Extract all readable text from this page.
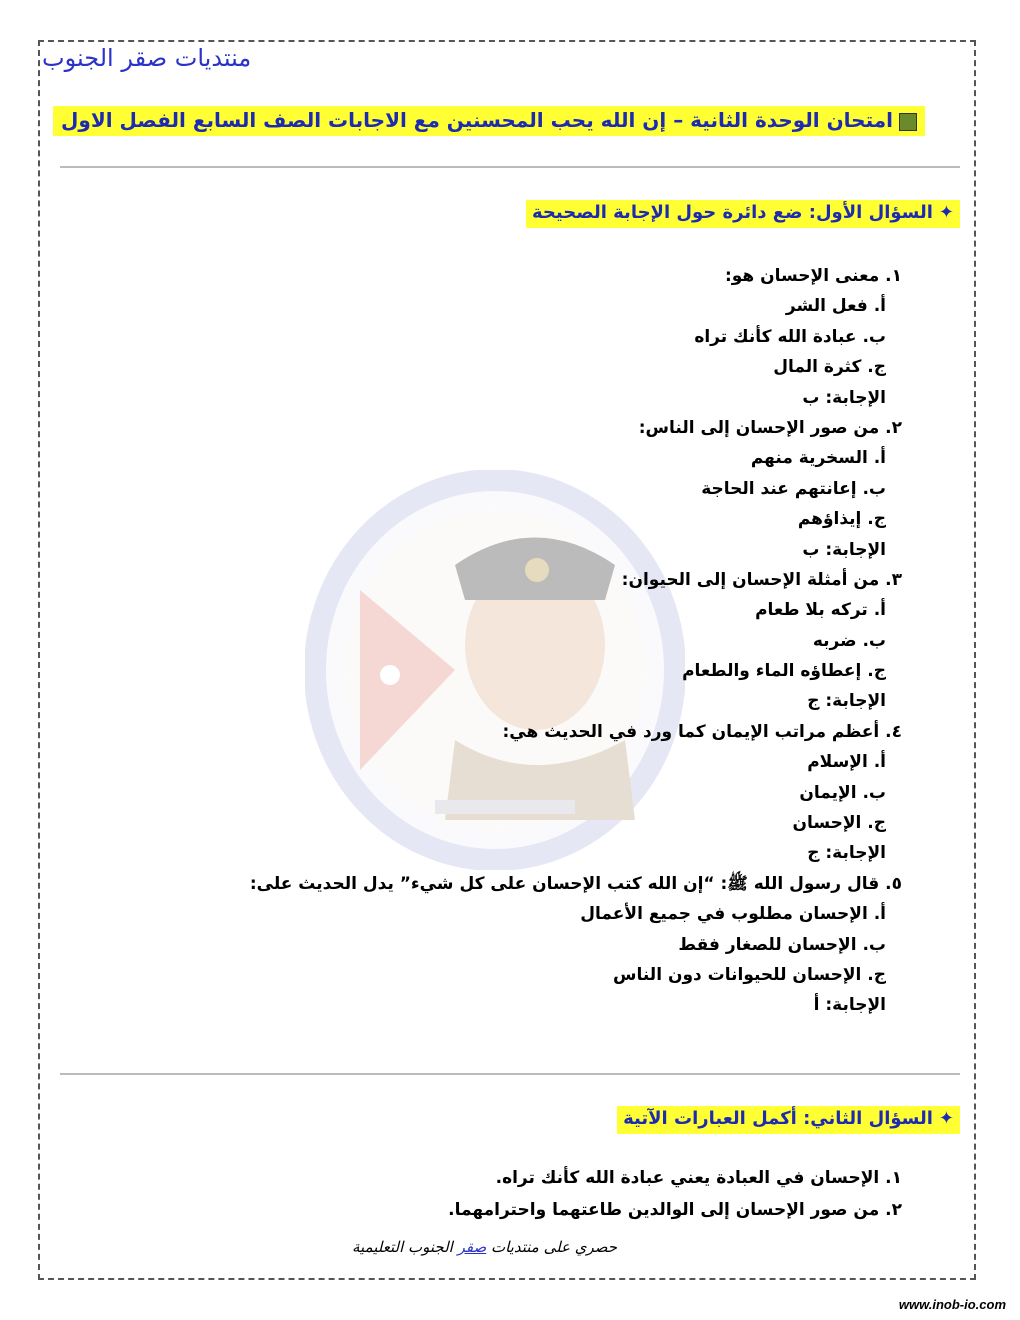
منتديات صقر الجنوب
امتحان الوحدة الثانية – إن الله يحب المحسنين مع الاجابات الصف السابع الفصل الاول
✦السؤال الأول: ضع دائرة حول الإجابة الصحيحة
١. معنى الإحسان هو:
أ. فعل الشر
ب. عبادة الله كأنك تراه
ج. كثرة المال
الإجابة: ب
٢. من صور الإحسان إلى الناس:
أ. السخرية منهم
ب. إعانتهم عند الحاجة
ج. إيذاؤهم
الإجابة: ب
٣. من أمثلة الإحسان إلى الحيوان:
أ. تركه بلا طعام
ب. ضربه
ج. إعطاؤه الماء والطعام
الإجابة: ج
٤. أعظم مراتب الإيمان كما ورد في الحديث هي:
أ. الإسلام
ب. الإيمان
ج. الإحسان
الإجابة: ج
٥. قال رسول الله ﷺ: “إن الله كتب الإحسان على كل شيء” يدل الحديث على:
أ. الإحسان مطلوب في جميع الأعمال
ب. الإحسان للصغار فقط
ج. الإحسان للحيوانات دون الناس
الإجابة: أ
✦السؤال الثاني: أكمل العبارات الآتية
١. الإحسان في العبادة يعني عبادة الله كأنك تراه.
٢. من صور الإحسان إلى الوالدين طاعتهما واحترامهما.
حصري على منتديات صقر الجنوب التعليمية
www.inob-io.com
